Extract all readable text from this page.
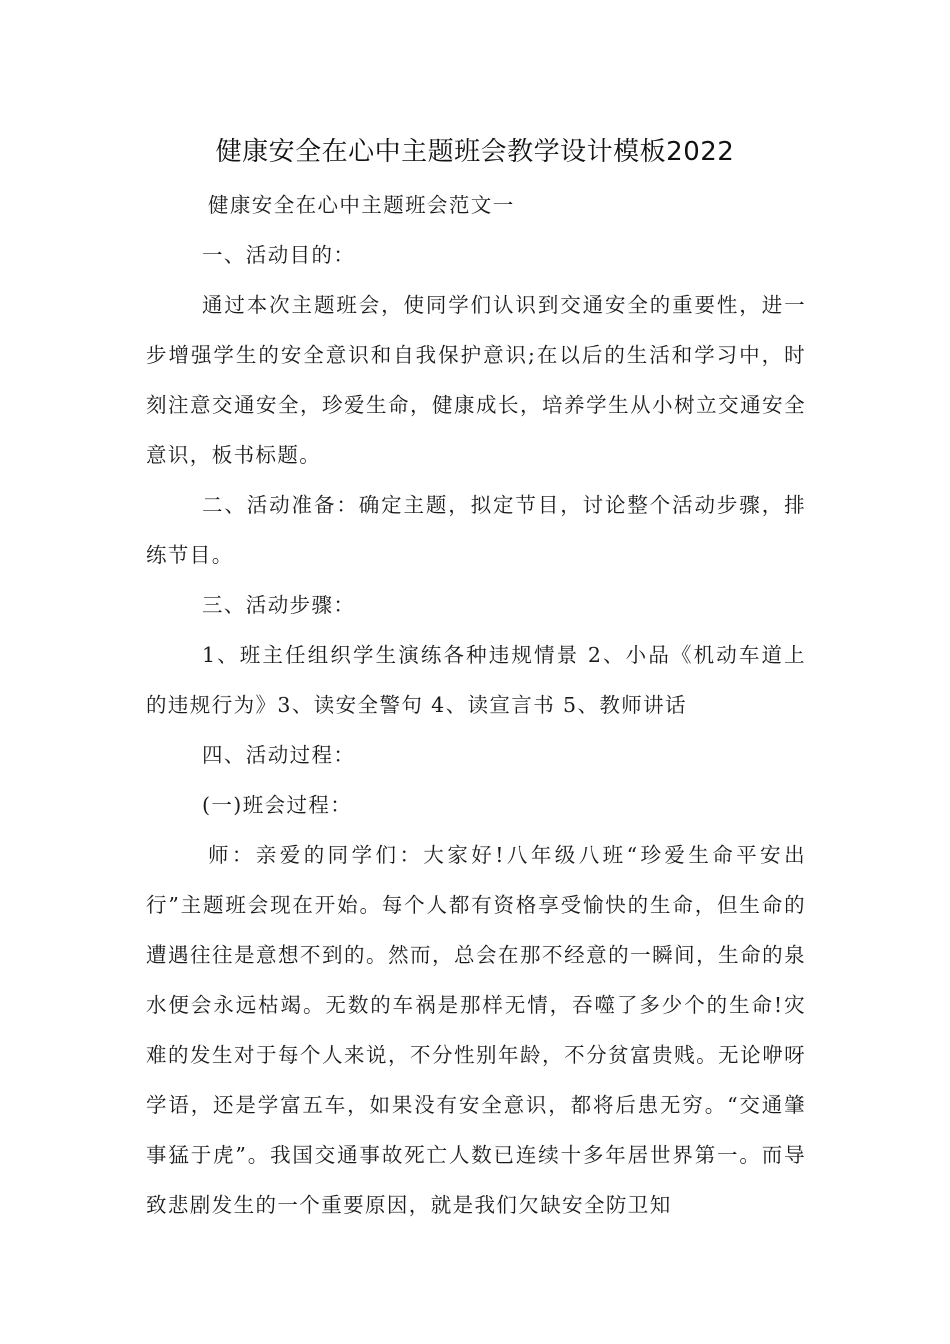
健康安全在心中主题班会教学设计模板2022

健康安全在心中主题班会范文一

一、活动目的：

通过本次主题班会，使同学们认识到交通安全的重要性，进一步增强学生的安全意识和自我保护意识;在以后的生活和学习中，时刻注意交通安全，珍爱生命，健康成长，培养学生从小树立交通安全意识，板书标题。

二、活动准备：确定主题，拟定节目，讨论整个活动步骤，排练节目。

三、活动步骤：

1、班主任组织学生演练各种违规情景 2、小品《机动车道上的违规行为》3、读安全警句 4、读宣言书 5、教师讲话

四、活动过程：

(一)班会过程：

师：亲爱的同学们：大家好!八年级八班“珍爱生命平安出行”主题班会现在开始。每个人都有资格享受愉快的生命，但生命的遭遇往往是意想不到的。然而，总会在那不经意的一瞬间，生命的泉水便会永远枯竭。无数的车祸是那样无情，吞噬了多少个的生命!灾难的发生对于每个人来说，不分性别年龄，不分贫富贵贱。无论咿呀学语，还是学富五车，如果没有安全意识，都将后患无穷。“交通肇事猛于虎”。我国交通事故死亡人数已连续十多年居世界第一。而导致悲剧发生的一个重要原因，就是我们欠缺安全防卫知
